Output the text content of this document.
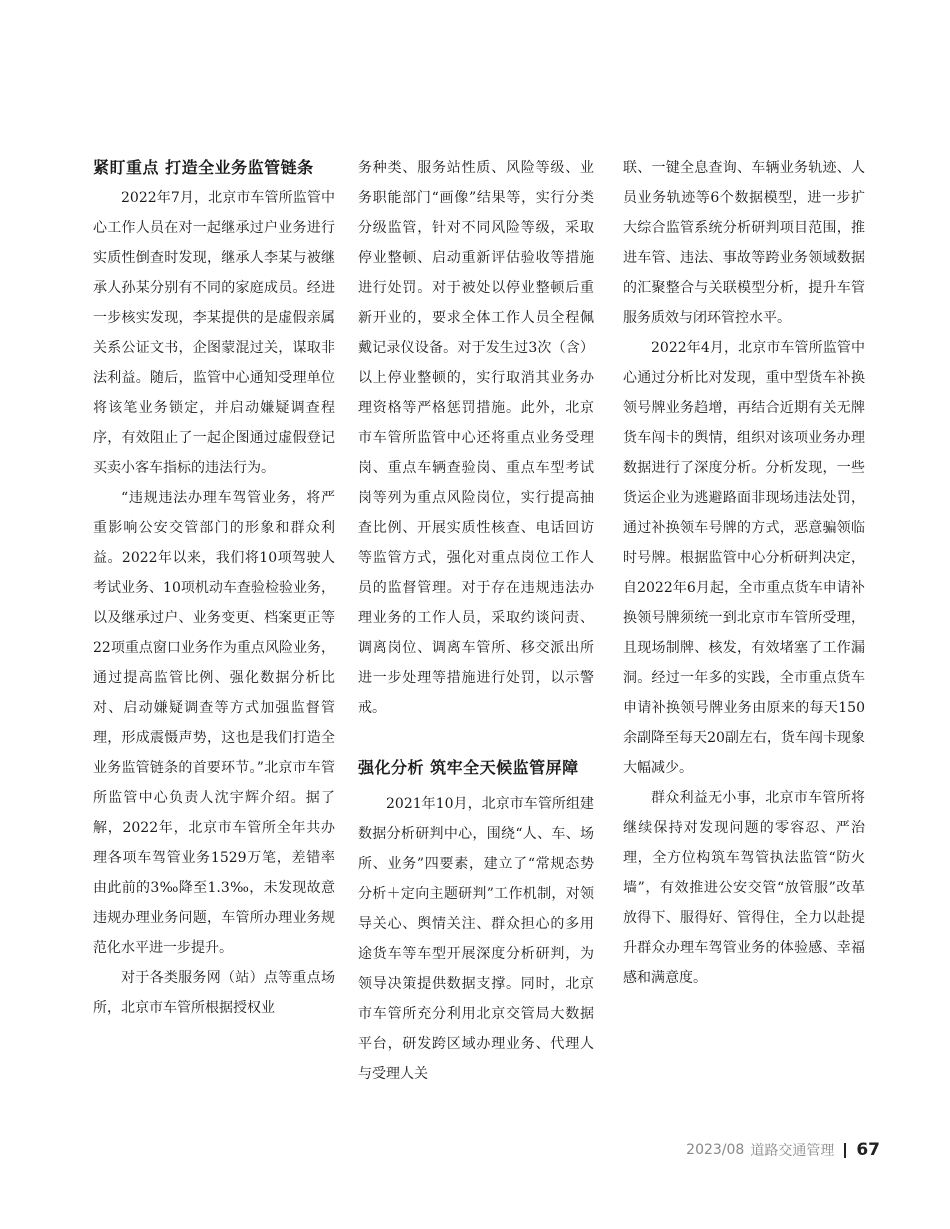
紧盯重点 打造全业务监管链条

2022年7月，北京市车管所监管中心工作人员在对一起继承过户业务进行实质性倒查时发现，继承人李某与被继承人孙某分别有不同的家庭成员。经进一步核实发现，李某提供的是虚假亲属关系公证文书，企图蒙混过关，谋取非法利益。随后，监管中心通知受理单位将该笔业务锁定，并启动嫌疑调查程序，有效阻止了一起企图通过虚假登记买卖小客车指标的违法行为。

“违规违法办理车驾管业务，将严重影响公安交管部门的形象和群众利益。2022年以来，我们将10项驾驶人考试业务、10项机动车查验检验业务，以及继承过户、业务变更、档案更正等22项重点窗口业务作为重点风险业务，通过提高监管比例、强化数据分析比对、启动嫌疑调查等方式加强监督管理，形成震慑声势，这也是我们打造全业务监管链条的首要环节。”北京市车管所监管中心负责人沈宇辉介绍。据了解，2022年，北京市车管所全年共办理各项车驾管业务1529万笔，差错率由此前的3‰降至1.3‰，未发现故意违规办理业务问题，车管所办理业务规范化水平进一步提升。

对于各类服务网（站）点等重点场所，北京市车管所根据授权业

务种类、服务站性质、风险等级、业务职能部门“画像”结果等，实行分类分级监管，针对不同风险等级，采取停业整顿、启动重新评估验收等措施进行处罚。对于被处以停业整顿后重新开业的，要求全体工作人员全程佩戴记录仪设备。对于发生过3次（含）以上停业整顿的，实行取消其业务办理资格等严格惩罚措施。此外，北京市车管所监管中心还将重点业务受理岗、重点车辆查验岗、重点车型考试岗等列为重点风险岗位，实行提高抽查比例、开展实质性核查、电话回访等监管方式，强化对重点岗位工作人员的监督管理。对于存在违规违法办理业务的工作人员，采取约谈问责、调离岗位、调离车管所、移交派出所进一步处理等措施进行处罚，以示警戒。

强化分析 筑牢全天候监管屏障

2021年10月，北京市车管所组建数据分析研判中心，围绕“人、车、场所、业务”四要素，建立了“常规态势分析＋定向主题研判”工作机制，对领导关心、舆情关注、群众担心的多用途货车等车型开展深度分析研判，为领导决策提供数据支撑。同时，北京市车管所充分利用北京交管局大数据平台，研发跨区域办理业务、代理人与受理人关

联、一键全息查询、车辆业务轨迹、人员业务轨迹等6个数据模型，进一步扩大综合监管系统分析研判项目范围，推进车管、违法、事故等跨业务领域数据的汇聚整合与关联模型分析，提升车管服务质效与闭环管控水平。

2022年4月，北京市车管所监管中心通过分析比对发现，重中型货车补换领号牌业务趋增，再结合近期有关无牌货车闯卡的舆情，组织对该项业务办理数据进行了深度分析。分析发现，一些货运企业为逃避路面非现场违法处罚，通过补换领车号牌的方式，恶意骗领临时号牌。根据监管中心分析研判决定，自2022年6月起，全市重点货车申请补换领号牌须统一到北京市车管所受理，且现场制牌、核发，有效堵塞了工作漏洞。经过一年多的实践，全市重点货车申请补换领号牌业务由原来的每天150余副降至每天20副左右，货车闯卡现象大幅减少。

群众利益无小事，北京市车管所将继续保持对发现问题的零容忍、严治理，全方位构筑车驾管执法监管“防火墙”，有效推进公安交管“放管服”改革放得下、服得好、管得住，全力以赴提升群众办理车驾管业务的体验感、幸福感和满意度。

2023/08 道路交通管理 67
